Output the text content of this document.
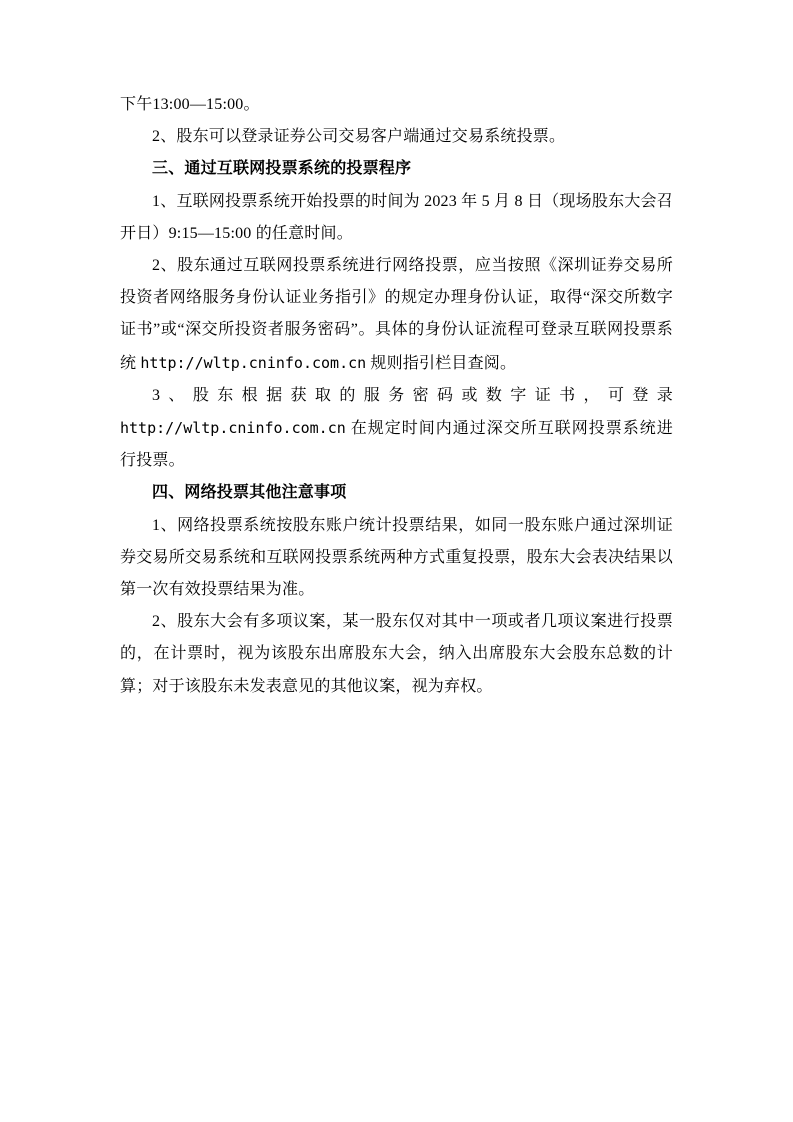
下午13:00—15:00。

2、股东可以登录证券公司交易客户端通过交易系统投票。

三、通过互联网投票系统的投票程序

1、互联网投票系统开始投票的时间为 2023 年 5 月 8 日（现场股东大会召开日）9:15—15:00 的任意时间。

2、股东通过互联网投票系统进行网络投票，应当按照《深圳证券交易所投资者网络服务身份认证业务指引》的规定办理身份认证，取得“深交所数字证书”或“深交所投资者服务密码”。具体的身份认证流程可登录互联网投票系统 http://wltp.cninfo.com.cn 规则指引栏目查阅。

3、股东根据获取的服务密码或数字证书，可登录 http://wltp.cninfo.com.cn 在规定时间内通过深交所互联网投票系统进行投票。

四、网络投票其他注意事项

1、网络投票系统按股东账户统计投票结果，如同一股东账户通过深圳证券交易所交易系统和互联网投票系统两种方式重复投票，股东大会表决结果以第一次有效投票结果为准。

2、股东大会有多项议案，某一股东仅对其中一项或者几项议案进行投票的，在计票时，视为该股东出席股东大会，纳入出席股东大会股东总数的计算；对于该股东未发表意见的其他议案，视为弃权。
